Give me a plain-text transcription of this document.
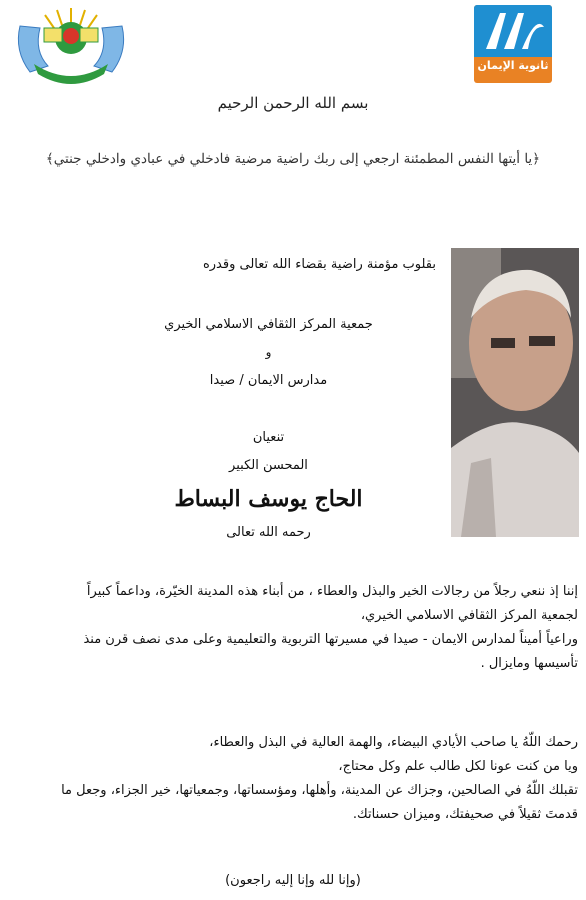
ثانوية الإيمان
بسم الله الرحمن الرحيم
﴿يا أيتها النفس المطمئنة ارجعي إلى ربك راضية مرضية فادخلي في عبادي وادخلي جنتي﴾
بقلوب مؤمنة راضية بقضاء الله تعالى وقدره
جمعية المركز الثقافي الاسلامي الخيري
و
مدارس الايمان / صيدا
تنعيان
المحسن الكبير
الحاج يوسف البساط
رحمه الله تعالى
إننا إذ ننعي رجلاً من رجالات الخير والبذل والعطاء ، من أبناء هذه المدينة الخيّرة، وداعماً كبيراً
لجمعية المركز الثقافي الاسلامي الخيري،
وراعياً أميناً لمدارس الايمان - صيدا في مسيرتها التربوية والتعليمية وعلى مدى نصف قرن منذ
تأسيسها ومايزال .
رحمك اللّهُ يا صاحب الأيادي البيضاء، والهمة العالية في البذل والعطاء،
ويا من كنت عونا لكل طالب علم وكل محتاج،
تقبلك اللّهُ في الصالحين، وجزاك عن المدينة، وأهلها، ومؤسساتها، وجمعياتها، خير الجزاء، وجعل ما
قدمتَ ثقيلاً في صحيفتك، وميزان حسناتك.
(وإنا لله وإنا إليه راجعون)
